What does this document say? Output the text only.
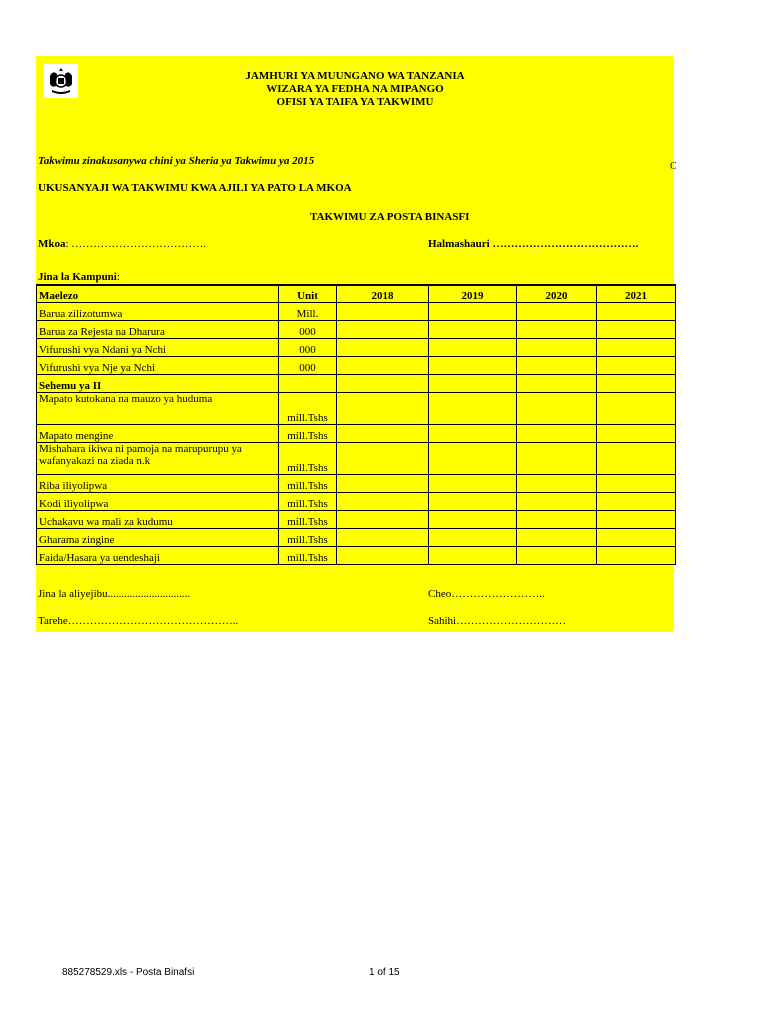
JAMHURI YA MUUNGANO WA TANZANIA
WIZARA YA FEDHA NA MIPANGO
OFISI YA TAIFA YA TAKWIMU
Takwimu zinakusanywa chini ya Sheria ya Takwimu ya 2015
UKUSANYAJI WA TAKWIMU KWA AJILI YA PATO LA MKOA
TAKWIMU ZA POSTA BINASFI
Mkoa: ……………………………….	Halmashauri ………………………………….
Jina la Kampuni:
Jina la aliyejibu..............................	Cheo……………………..
Tarehe………………………………………..	Sahihi…………………………
C
Maelezo	Unit	2018	2019	2020	2021
Barua zilizotumwa	Mill.				
Barua za Rejesta na Dharura	000				
Vifurushi vya Ndani ya Nchi	000				
Vifurushi vya Nje ya Nchi	000				
Sehemu ya II					
Mapato kutokana na mauzo ya huduma	mill.Tshs				
Mapato mengine	mill.Tshs				
Mishahara ikiwa ni pamoja na marupurupu ya wafanyakazi na ziada n.k	mill.Tshs				
Riba iliyolipwa	mill.Tshs				
Kodi iliyolipwa	mill.Tshs				
Uchakavu wa mali za kudumu	mill.Tshs				
Gharama zingine	mill.Tshs				
Faida/Hasara ya uendeshaji	mill.Tshs				
885278529.xls - Posta Binafsi	1 of 15
